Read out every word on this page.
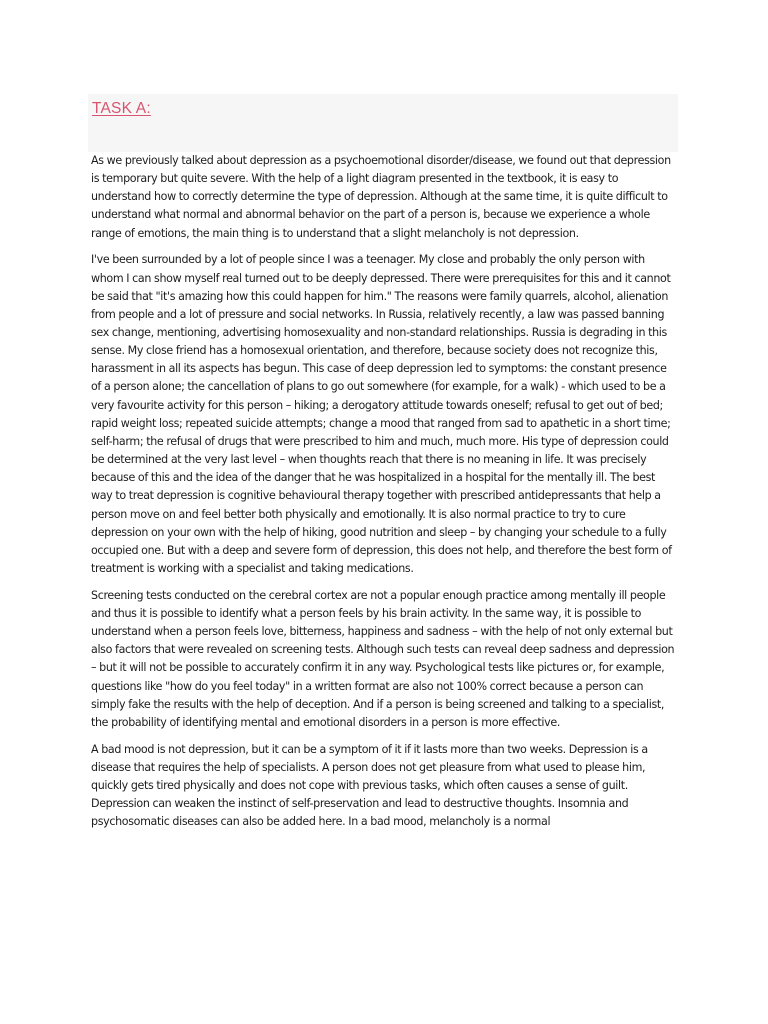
TASK A:

As we previously talked about depression as a psychoemotional disorder/disease, we found out that depression is temporary but quite severe. With the help of a light diagram presented in the textbook, it is easy to understand how to correctly determine the type of depression. Although at the same time, it is quite difficult to understand what normal and abnormal behavior on the part of a person is, because we experience a whole range of emotions, the main thing is to understand that a slight melancholy is not depression.

I've been surrounded by a lot of people since I was a teenager. My close and probably the only person with whom I can show myself real turned out to be deeply depressed. There were prerequisites for this and it cannot be said that "it's amazing how this could happen for him." The reasons were family quarrels, alcohol, alienation from people and a lot of pressure and social networks. In Russia, relatively recently, a law was passed banning sex change, mentioning, advertising homosexuality and non-standard relationships. Russia is degrading in this sense. My close friend has a homosexual orientation, and therefore, because society does not recognize this, harassment in all its aspects has begun. This case of deep depression led to symptoms: the constant presence of a person alone; the cancellation of plans to go out somewhere (for example, for a walk) - which used to be a very favourite activity for this person – hiking; a derogatory attitude towards oneself; refusal to get out of bed; rapid weight loss; repeated suicide attempts; change a mood that ranged from sad to apathetic in a short time; self-harm; the refusal of drugs that were prescribed to him and much, much more. His type of depression could be determined at the very last level – when thoughts reach that there is no meaning in life. It was precisely because of this and the idea of the danger that he was hospitalized in a hospital for the mentally ill. The best way to treat depression is cognitive behavioural therapy together with prescribed antidepressants that help a person move on and feel better both physically and emotionally. It is also normal practice to try to cure depression on your own with the help of hiking, good nutrition and sleep – by changing your schedule to a fully occupied one. But with a deep and severe form of depression, this does not help, and therefore the best form of treatment is working with a specialist and taking medications.

Screening tests conducted on the cerebral cortex are not a popular enough practice among mentally ill people and thus it is possible to identify what a person feels by his brain activity. In the same way, it is possible to understand when a person feels love, bitterness, happiness and sadness – with the help of not only external but also factors that were revealed on screening tests. Although such tests can reveal deep sadness and depression – but it will not be possible to accurately confirm it in any way. Psychological tests like pictures or, for example, questions like "how do you feel today" in a written format are also not 100% correct because a person can simply fake the results with the help of deception. And if a person is being screened and talking to a specialist, the probability of identifying mental and emotional disorders in a person is more effective.

A bad mood is not depression, but it can be a symptom of it if it lasts more than two weeks. Depression is a disease that requires the help of specialists. A person does not get pleasure from what used to please him, quickly gets tired physically and does not cope with previous tasks, which often causes a sense of guilt. Depression can weaken the instinct of self-preservation and lead to destructive thoughts. Insomnia and psychosomatic diseases can also be added here. In a bad mood, melancholy is a normal
